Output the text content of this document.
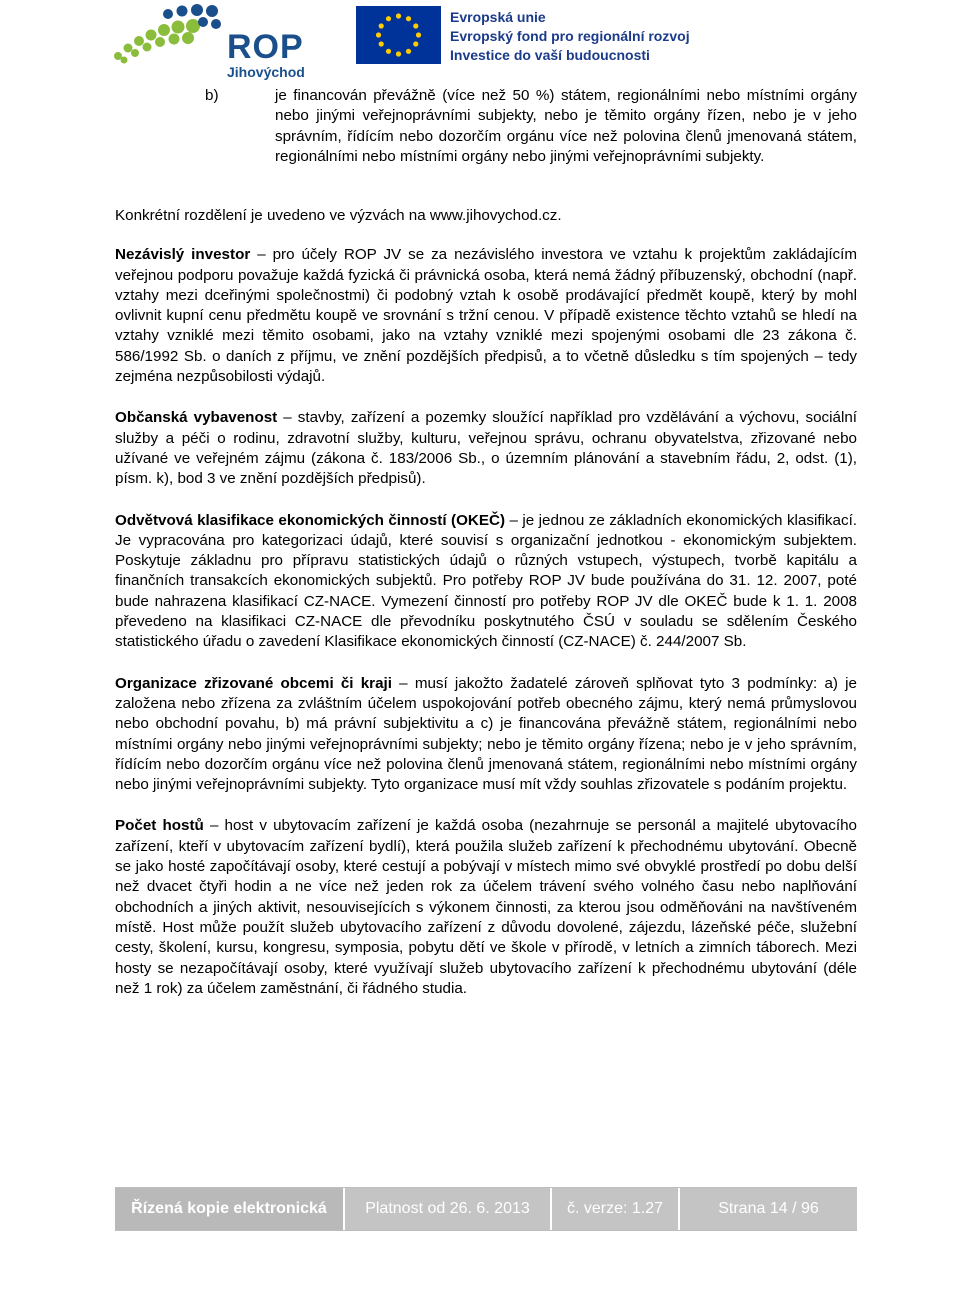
ROP
Jihovýchod
Evropská unie
Evropský fond pro regionální rozvoj
Investice do vaší budoucnosti
b)	je financován převážně (více než 50 %) státem, regionálními nebo místními orgány nebo jinými veřejnoprávními subjekty, nebo je těmito orgány řízen, nebo je v jeho správním, řídícím nebo dozorčím orgánu více než polovina členů jmenovaná státem, regionálními nebo místními orgány nebo jinými veřejnoprávními subjekty.

Konkrétní rozdělení je uvedeno ve výzvách na www.jihovychod.cz.

Nezávislý investor – pro účely ROP JV se za nezávislého investora ve vztahu k projektům zakládajícím veřejnou podporu považuje každá fyzická či právnická osoba, která nemá žádný příbuzenský, obchodní (např. vztahy mezi dceřinými společnostmi) či podobný vztah k osobě prodávající předmět koupě, který by mohl ovlivnit kupní cenu předmětu koupě ve srovnání s tržní cenou. V případě existence těchto vztahů se hledí na vztahy vzniklé mezi těmito osobami, jako na vztahy vzniklé mezi spojenými osobami dle 23 zákona č. 586/1992 Sb. o daních z příjmu, ve znění pozdějších předpisů, a to včetně důsledku s tím spojených – tedy zejména nezpůsobilosti výdajů.

Občanská vybavenost – stavby, zařízení a pozemky sloužící například pro vzdělávání a výchovu, sociální služby a péči o rodinu, zdravotní služby, kulturu, veřejnou správu, ochranu obyvatelstva, zřizované nebo užívané ve veřejném zájmu (zákona č. 183/2006 Sb., o územním plánování a stavebním řádu, 2, odst. (1), písm. k), bod 3 ve znění pozdějších předpisů).

Odvětvová klasifikace ekonomických činností (OKEČ) – je jednou ze základních ekonomických klasifikací. Je vypracována pro kategorizaci údajů, které souvisí s organizační jednotkou - ekonomickým subjektem. Poskytuje základnu pro přípravu statistických údajů o různých vstupech, výstupech, tvorbě kapitálu a finančních transakcích ekonomických subjektů. Pro potřeby ROP JV bude používána do 31. 12. 2007, poté bude nahrazena klasifikací CZ-NACE. Vymezení činností pro potřeby ROP JV dle OKEČ bude k 1. 1. 2008 převedeno na klasifikaci CZ-NACE dle převodníku poskytnutého ČSÚ v souladu se sdělením Českého statistického úřadu o zavedení Klasifikace ekonomických činností (CZ-NACE) č. 244/2007 Sb.

Organizace zřizované obcemi či kraji – musí jakožto žadatelé zároveň splňovat tyto 3 podmínky: a) je založena nebo zřízena za zvláštním účelem uspokojování potřeb obecného zájmu, který nemá průmyslovou nebo obchodní povahu, b) má právní subjektivitu a c) je financována převážně státem, regionálními nebo místními orgány nebo jinými veřejnoprávními subjekty; nebo je těmito orgány řízena; nebo je v jeho správním, řídícím nebo dozorčím orgánu více než polovina členů jmenovaná státem, regionálními nebo místními orgány nebo jinými veřejnoprávními subjekty. Tyto organizace musí mít vždy souhlas zřizovatele s podáním projektu.

Počet hostů – host v ubytovacím zařízení je každá osoba (nezahrnuje se personál a majitelé ubytovacího zařízení, kteří v ubytovacím zařízení bydlí), která použila služeb zařízení k přechodnému ubytování. Obecně se jako hosté započítávají osoby, které cestují a pobývají v místech mimo své obvyklé prostředí po dobu delší než dvacet čtyři hodin a ne více než jeden rok za účelem trávení svého volného času nebo naplňování obchodních a jiných aktivit, nesouvisejících s výkonem činnosti, za kterou jsou odměňováni na navštíveném místě. Host může použít služeb ubytovacího zařízení z důvodu dovolené, zájezdu, lázeňské péče, služební cesty, školení, kursu, kongresu, symposia, pobytu dětí ve škole v přírodě, v letních a zimních táborech. Mezi hosty se nezapočítávají osoby, které využívají služeb ubytovacího zařízení k přechodnému ubytování (déle než 1 rok) za účelem zaměstnání, či řádného studia.

Řízená kopie elektronická	Platnost od 26. 6. 2013	č. verze: 1.27	Strana 14 / 96
